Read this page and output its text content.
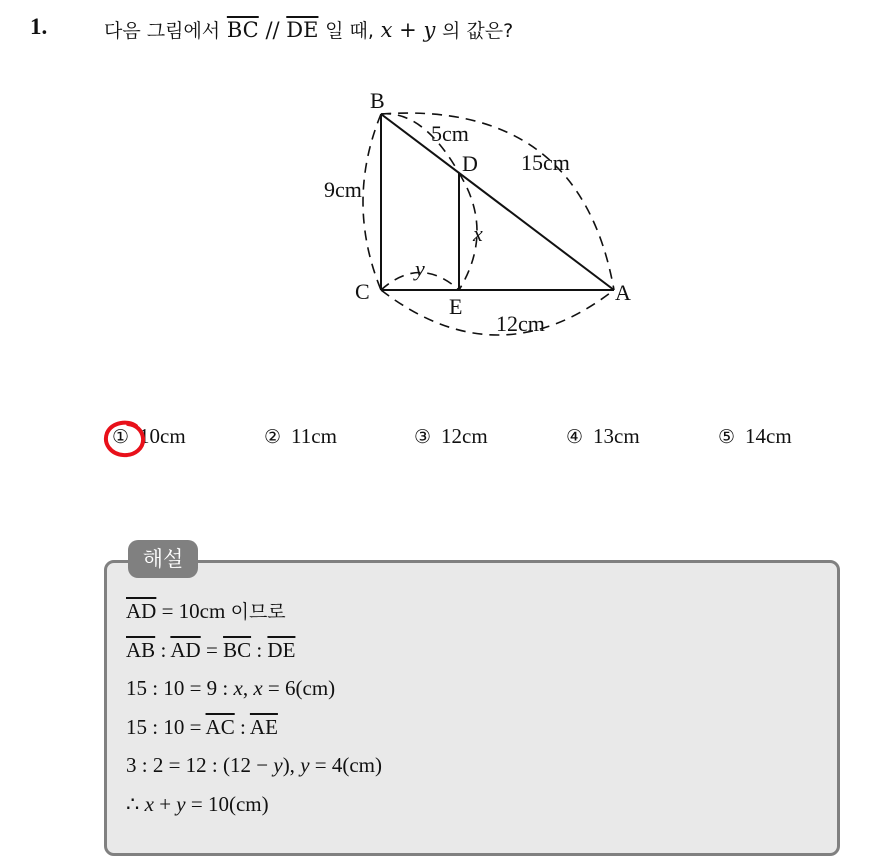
1.	다음 그림에서 $\overline{BC} // \overline{DE}$ 일 때, x + y 의 값은?
B
C
D
E
A
5cm
15cm
9cm
12cm
x
y
① 10cm	② 11cm	③ 12cm	④ 13cm	⑤ 14cm
해설
$\overline{AD} = 10cm$ 이므로
$\overline{AB}$ : $\overline{AD} = \overline{BC}$ : $\overline{DE}$
15 : 10 = 9 : x, x = 6(cm)
15 : $10 = \overline{AC}$ : $\overline{AE}$
3 : 2 = 12 : (12 − y), y = 4(cm)
∴ x + y = 10(cm)
